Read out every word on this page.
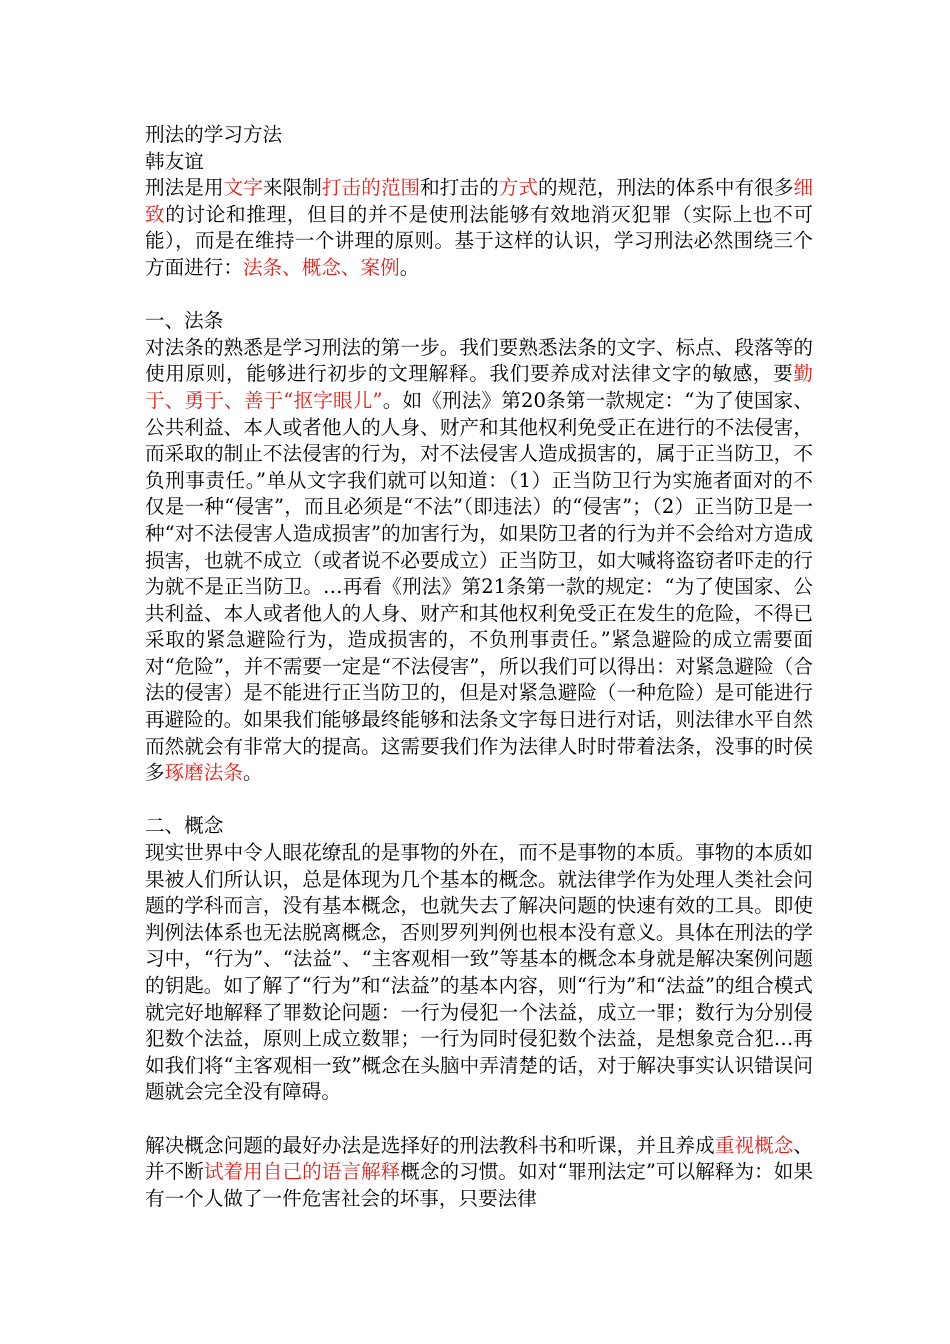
刑法的学习方法
韩友谊

刑法是用文字来限制打击的范围和打击的方式的规范，刑法的体系中有很多细致的讨论和推理，但目的并不是使刑法能够有效地消灭犯罪（实际上也不可能），而是在维持一个讲理的原则。基于这样的认识，学习刑法必然围绕三个方面进行：法条、概念、案例。

一、法条

对法条的熟悉是学习刑法的第一步。我们要熟悉法条的文字、标点、段落等的使用原则，能够进行初步的文理解释。我们要养成对法律文字的敏感，要勤于、勇于、善于“抠字眼儿”。如《刑法》第20条第一款规定：“为了使国家、公共利益、本人或者他人的人身、财产和其他权利免受正在进行的不法侵害，而采取的制止不法侵害的行为，对不法侵害人造成损害的，属于正当防卫，不负刑事责任。”单从文字我们就可以知道：（1）正当防卫行为实施者面对的不仅是一种“侵害”，而且必须是“不法”（即违法）的“侵害”；（2）正当防卫是一种“对不法侵害人造成损害”的加害行为，如果防卫者的行为并不会给对方造成损害，也就不成立（或者说不必要成立）正当防卫，如大喊将盗窃者吓走的行为就不是正当防卫。…再看《刑法》第21条第一款的规定：“为了使国家、公共利益、本人或者他人的人身、财产和其他权利免受正在发生的危险，不得已采取的紧急避险行为，造成损害的，不负刑事责任。”紧急避险的成立需要面对“危险”，并不需要一定是“不法侵害”，所以我们可以得出：对紧急避险（合法的侵害）是不能进行正当防卫的，但是对紧急避险（一种危险）是可能进行再避险的。如果我们能够最终能够和法条文字每日进行对话，则法律水平自然而然就会有非常大的提高。这需要我们作为法律人时时带着法条，没事的时侯多琢磨法条。

二、概念

现实世界中令人眼花缭乱的是事物的外在，而不是事物的本质。事物的本质如果被人们所认识，总是体现为几个基本的概念。就法律学作为处理人类社会问题的学科而言，没有基本概念，也就失去了解决问题的快速有效的工具。即使判例法体系也无法脱离概念，否则罗列判例也根本没有意义。具体在刑法的学习中，“行为”、“法益”、“主客观相一致”等基本的概念本身就是解决案例问题的钥匙。如了解了“行为”和“法益”的基本内容，则“行为”和“法益”的组合模式就完好地解释了罪数论问题：一行为侵犯一个法益，成立一罪；数行为分别侵犯数个法益，原则上成立数罪；一行为同时侵犯数个法益，是想象竞合犯…再如我们将“主客观相一致”概念在头脑中弄清楚的话，对于解决事实认识错误问题就会完全没有障碍。

解决概念问题的最好办法是选择好的刑法教科书和听课，并且养成重视概念、并不断试着用自己的语言解释概念的习惯。如对“罪刑法定”可以解释为：如果有一个人做了一件危害社会的坏事，只要法律
